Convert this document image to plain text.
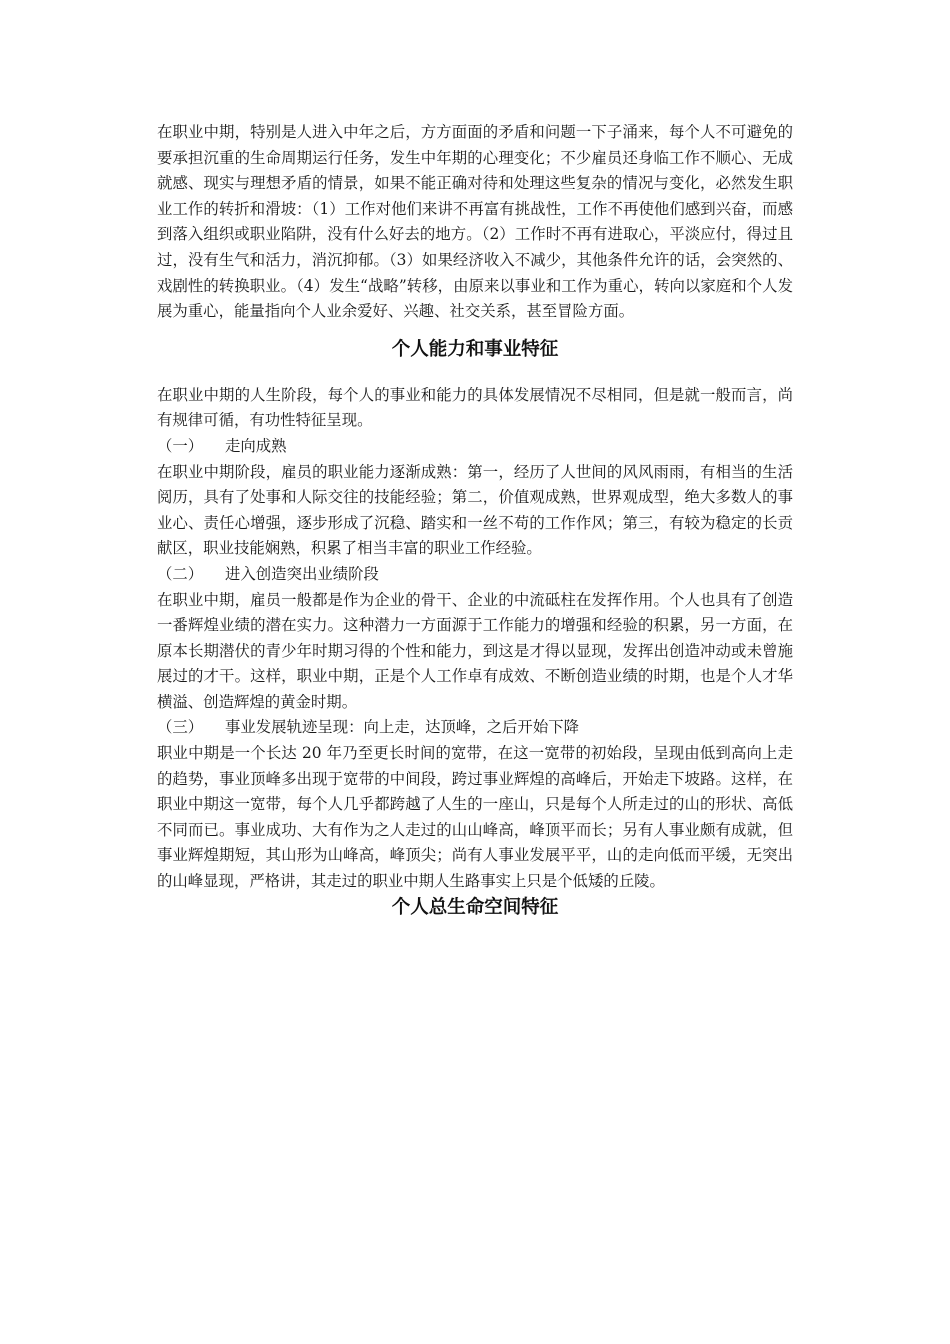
在职业中期，特别是人进入中年之后，方方面面的矛盾和问题一下子涌来，每个人不可避免的要承担沉重的生命周期运行任务，发生中年期的心理变化；不少雇员还身临工作不顺心、无成就感、现实与理想矛盾的情景，如果不能正确对待和处理这些复杂的情况与变化，必然发生职业工作的转折和滑坡：（1）工作对他们来讲不再富有挑战性，工作不再使他们感到兴奋，而感到落入组织或职业陷阱，没有什么好去的地方。（2）工作时不再有进取心，平淡应付，得过且过，没有生气和活力，消沉抑郁。（3）如果经济收入不减少，其他条件允许的话，会突然的、戏剧性的转换职业。（4）发生“战略”转移，由原来以事业和工作为重心，转向以家庭和个人发展为重心，能量指向个人业余爱好、兴趣、社交关系，甚至冒险方面。

个人能力和事业特征

在职业中期的人生阶段，每个人的事业和能力的具体发展情况不尽相同，但是就一般而言，尚有规律可循，有功性特征呈现。

（一） 走向成熟

在职业中期阶段，雇员的职业能力逐渐成熟：第一，经历了人世间的风风雨雨，有相当的生活阅历，具有了处事和人际交往的技能经验；第二，价值观成熟，世界观成型，绝大多数人的事业心、责任心增强，逐步形成了沉稳、踏实和一丝不苟的工作作风；第三，有较为稳定的长贡献区，职业技能娴熟，积累了相当丰富的职业工作经验。

（二） 进入创造突出业绩阶段

在职业中期，雇员一般都是作为企业的骨干、企业的中流砥柱在发挥作用。个人也具有了创造一番辉煌业绩的潜在实力。这种潜力一方面源于工作能力的增强和经验的积累，另一方面，在原本长期潜伏的青少年时期习得的个性和能力，到这是才得以显现，发挥出创造冲动或未曾施展过的才干。这样，职业中期，正是个人工作卓有成效、不断创造业绩的时期，也是个人才华横溢、创造辉煌的黄金时期。

（三） 事业发展轨迹呈现：向上走，达顶峰，之后开始下降

职业中期是一个长达 20 年乃至更长时间的宽带，在这一宽带的初始段，呈现由低到高向上走的趋势，事业顶峰多出现于宽带的中间段，跨过事业辉煌的高峰后，开始走下坡路。这样，在职业中期这一宽带，每个人几乎都跨越了人生的一座山，只是每个人所走过的山的形状、高低不同而已。事业成功、大有作为之人走过的山山峰高，峰顶平而长；另有人事业颇有成就，但事业辉煌期短，其山形为山峰高，峰顶尖；尚有人事业发展平平，山的走向低而平缓，无突出的山峰显现，严格讲，其走过的职业中期人生路事实上只是个低矮的丘陵。

个人总生命空间特征
